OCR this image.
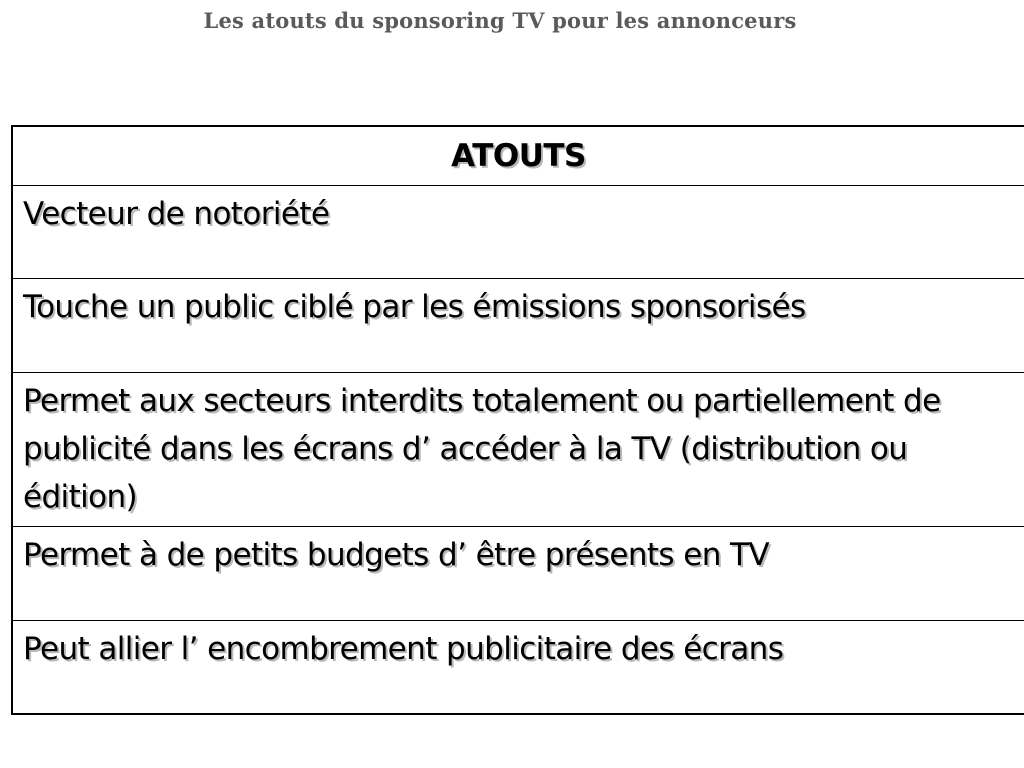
Les atouts du sponsoring TV pour les annonceurs
ATOUTS
Vecteur de notoriété
Touche un public ciblé par les émissions sponsorisés
Permet aux secteurs interdits totalement ou partiellement de publicité dans les écrans d’ accéder à la TV (distribution ou édition)
Permet à de petits budgets d’ être présents en TV
Peut allier l’ encombrement publicitaire des écrans
